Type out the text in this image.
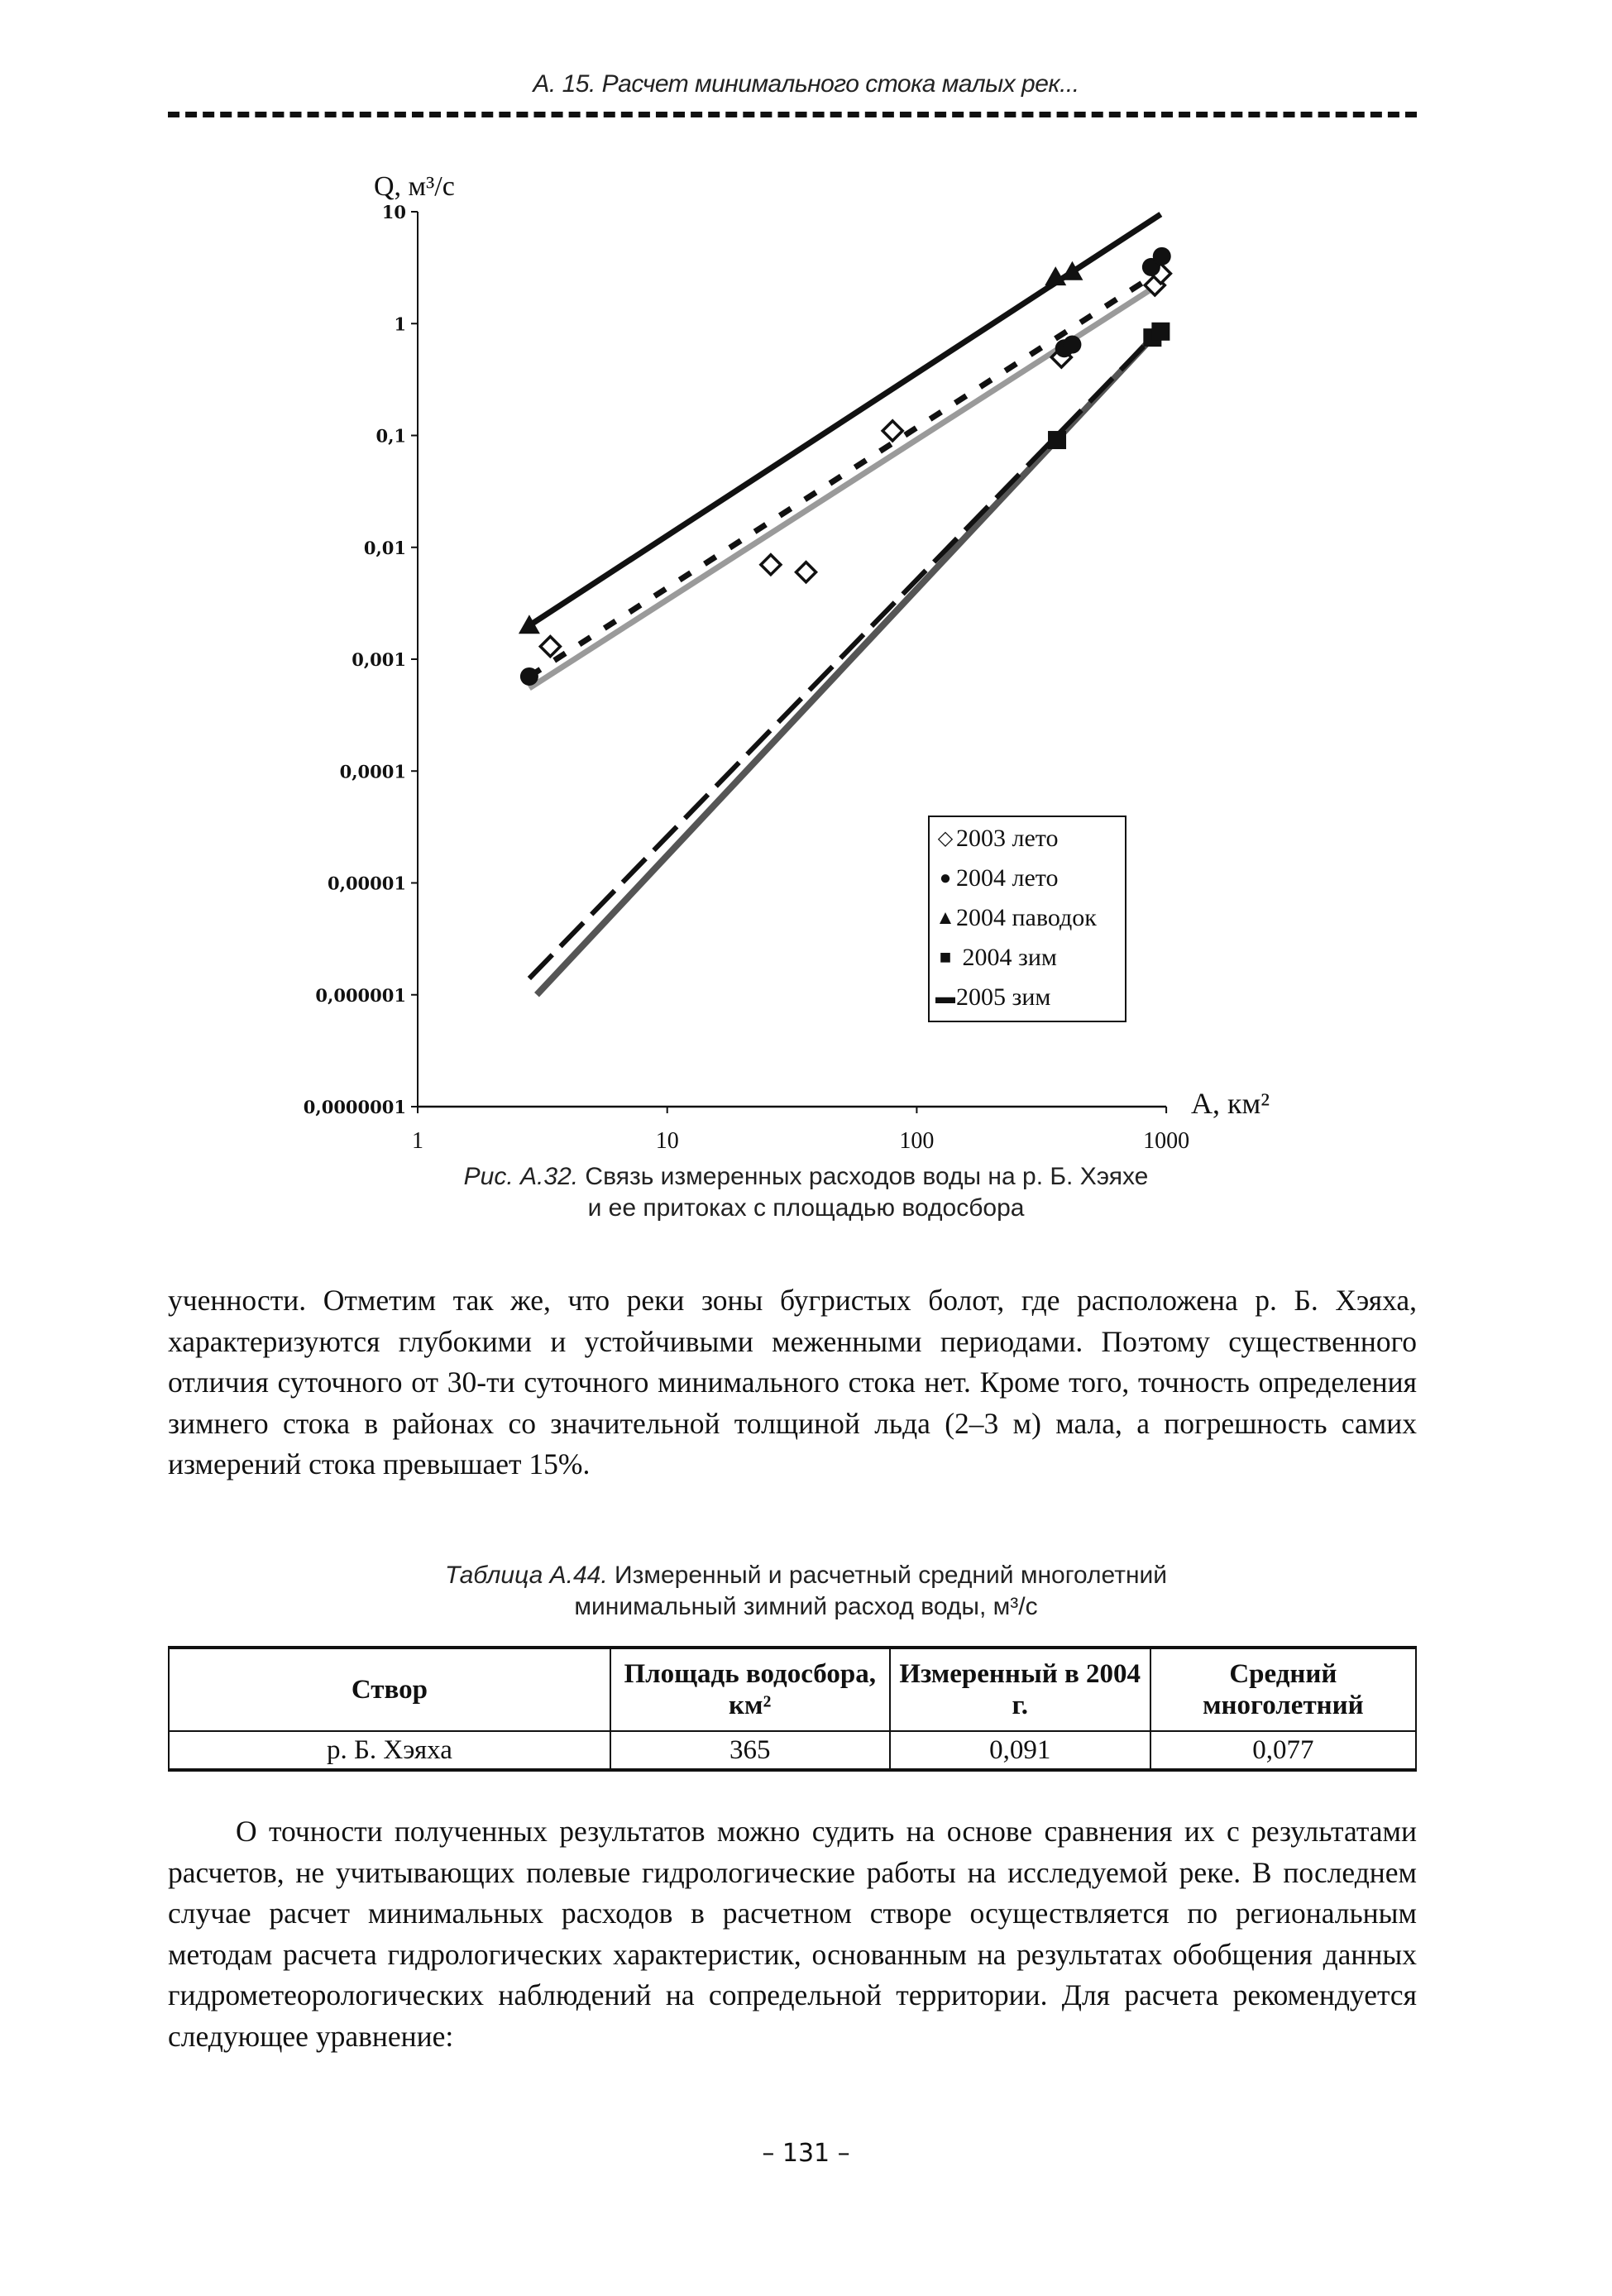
А. 15. Расчет минимального стока малых рек...
Q, м³/с
A, км²
10
1
0,1
0,01
0,001
0,0001
0,00001
0,000001
0,0000001
1	10	100	1000
◇ 2003 лето
● 2004 лето
▲2004 паводок
■ 2004 зим
▬2005 зим
Рис. А.32. Связь измеренных расходов воды на р. Б. Хэяхе
и ее притоках с площадью водосбора

ученности. Отметим так же, что реки зоны бугристых болот, где расположена р. Б. Хэяха, характеризуются глубокими и устойчивыми меженными периодами. Поэтому существенного отличия суточного от 30-ти суточного минимального стока нет. Кроме того, точность определения зимнего стока в районах со значительной толщиной льда (2–3 м) мала, а погрешность самих измерений стока превышает 15%.

Таблица А.44. Измеренный и расчетный средний многолетний
минимальный зимний расход воды, м³/с
Створ	Площадь водосбора, км²	Измеренный в 2004 г.	Средний многолетний
р. Б. Хэяха	365	0,091	0,077

О точности полученных результатов можно судить на основе сравнения их с результатами расчетов, не учитывающих полевые гидрологические работы на исследуемой реке. В последнем случае расчет минимальных расходов в расчетном створе осуществляется по региональным методам расчета гидрологических характеристик, основанным на результатах обобщения данных гидрометеорологических наблюдений на сопредельной территории. Для расчета рекомендуется следующее уравнение:

– 131 –
